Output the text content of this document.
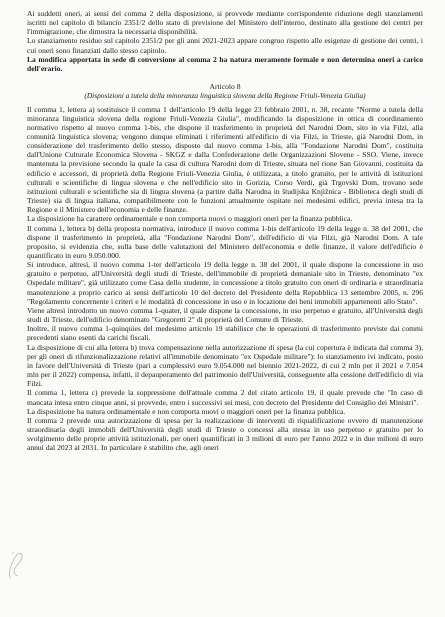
Ai suddetti oneri, ai sensi del comma 2 della disposizione, si provvede mediante corrispondente riduzione degli stanziamenti iscritti nel capitolo di bilancio 2351/2 dello stato di previsione del Ministero dell'interno, destinato alla gestione dei centri per l'immigrazione, che dimostra la necessaria disponibilità.

Lo stanziamento residuo sul capitolo 2351/2 per gli anni 2021-2023 appare congruo rispetto alle esigenze di gestione dei centri, i cui oneri sono finanziati dallo stesso capitolo.

La modifica apportata in sede di conversione al comma 2 ha natura meramente formale e non determina oneri a carico dell'erario.

Articolo 8

(Disposizioni a tutela della minoranza linguistica slovena della Regione Friuli-Venezia Giulia)

Il comma 1, lettera a) sostituisce il comma 1 dell'articolo 19 della legge 23 febbraio 2001, n. 38, recante "Norme a tutela della minoranza linguistica slovena della regione Friuli-Venezia Giulia", modificando la disposizione in ottica di coordinamento normativo rispetto al nuovo comma 1-bis, che dispone il trasferimento in proprietà del Narodni Dom, sito in via Filzi, alla comunità linguistica slovena; vengono dunque eliminati i riferimenti all'edificio di via Filzi, in Trieste, già Narodni Dom, in considerazione del trasferimento dello stesso, disposto dal nuovo comma 1-bis, alla "Fondazione Narodni Dom", costituita dall'Unione Culturale Economica Slovena - SKGZ e dalla Confederazione delle Organizzazioni Slovene - SSO. Viene, invece mantenuta la previsione secondo la quale la casa di cultura Narodni dom di Trieste, situata nel rione San Giovanni, costituita da edificio e accessori, di proprietà della Regione Friuli-Venezia Giulia, è utilizzata, a titolo gratuito, per le attività di istituzioni culturali e scientifiche di lingua slovena e che nell'edificio sito in Gorizia, Corso Verdi, già Trgovski Dom, trovano sede istituzioni culturali e scientifiche sia di lingua slovena (a partire dalla Narodna in študijska Knjižnica - Biblioteca degli studi di Trieste) sia di lingua italiana, compatibilmente con le funzioni attualmente ospitate nei medesimi edifici, previa intesa tra la Regione e il Ministero dell'economia e delle finanze.

La disposizione ha carattere ordinamentale e non comporta nuovi o maggiori oneri per la finanza pubblica.

Il comma 1, lettera b) della proposta normativa, introduce il nuovo comma 1-bis dell'articolo 19 della legge n. 38 del 2001, che dispone il trasferimento in proprietà, alla "Fondazione Narodni Dom", dell'edificio di via Filzi, già Narodni Dom. A tale proposito, si evidenzia che, sulla base delle valutazioni del Ministero dell'economia e delle finanze, il valore dell'edificio è quantificato in euro 9.050.000.

Si introduce, altresì, il nuovo comma 1-ter dell'articolo 19 della legge n. 38 del 2001, il quale dispone la concessione in uso gratuito e perpetuo, all'Università degli studi di Trieste, dell'immobile di proprietà demaniale sito in Trieste, denominato "ex Ospedale militare", già utilizzato come Casa dello studente, in concessione a titolo gratuito con oneri di ordinaria e straordinaria manutenzione a proprio carico ai sensi dell'articolo 10 del decreto del Presidente della Repubblica 13 settembre 2005, n. 296 "Regolamento concernente i criteri e le modalità di concessione in uso e in locazione dei beni immobili appartenenti allo Stato".

Viene altresì introdotto un nuovo comma 1-quater, il quale dispone la concessione, in uso perpetuo e gratuito, all'Università degli studi di Trieste, dell'edificio denominato "Gregoretti 2" di proprietà del Comune di Trieste.

Inoltre, il nuovo comma 1-quinquies del medesimo articolo 19 stabilisce che le operazioni di trasferimento previste dai commi precedenti siano esenti da carichi fiscali.

La disposizione di cui alla lettera b) trova compensazione nella autorizzazione di spesa (la cui copertura è indicata dal comma 3), per gli oneri di rifunzionalizzazione relativi all'immobile denominato "ex Ospedale militare"): lo stanziamento ivi indicato, posto in favore dell'Università di Trieste (pari a complessivi euro 9.054.000 nel biennio 2021-2022, di cui 2 mln per il 2021 e 7.054 mln per il 2022) compensa, infatti, il depauperamento del patrimonio dell'Università, conseguente alla cessione dell'edificio di via Filzi.

Il comma 1, lettera c) prevede la soppressione dell'attuale comma 2 del citato articolo 19, il quale prevede che "In caso di mancata intesa entro cinque anni, si provvede, entro i successivi sei mesi, con decreto del Presidente del Consiglio dei Ministri".

La disposizione ha natura ordinamentale e non comporta nuovi o maggiori oneri per la finanza pubblica.

Il comma 2 prevede una autorizzazione di spesa per la realizzazione di interventi di riqualificazione ovvero di manutenzione straordinaria degli immobili dell'Università degli studi di Trieste o concessi alla stessa in uso perpetuo e gratuito per lo svolgimento delle proprie attività istituzionali, per oneri quantificati in 3 milioni di euro per l'anno 2022 e in due milioni di euro annui dal 2023 al 2031. In particolare è stabilito che, agli oneri
